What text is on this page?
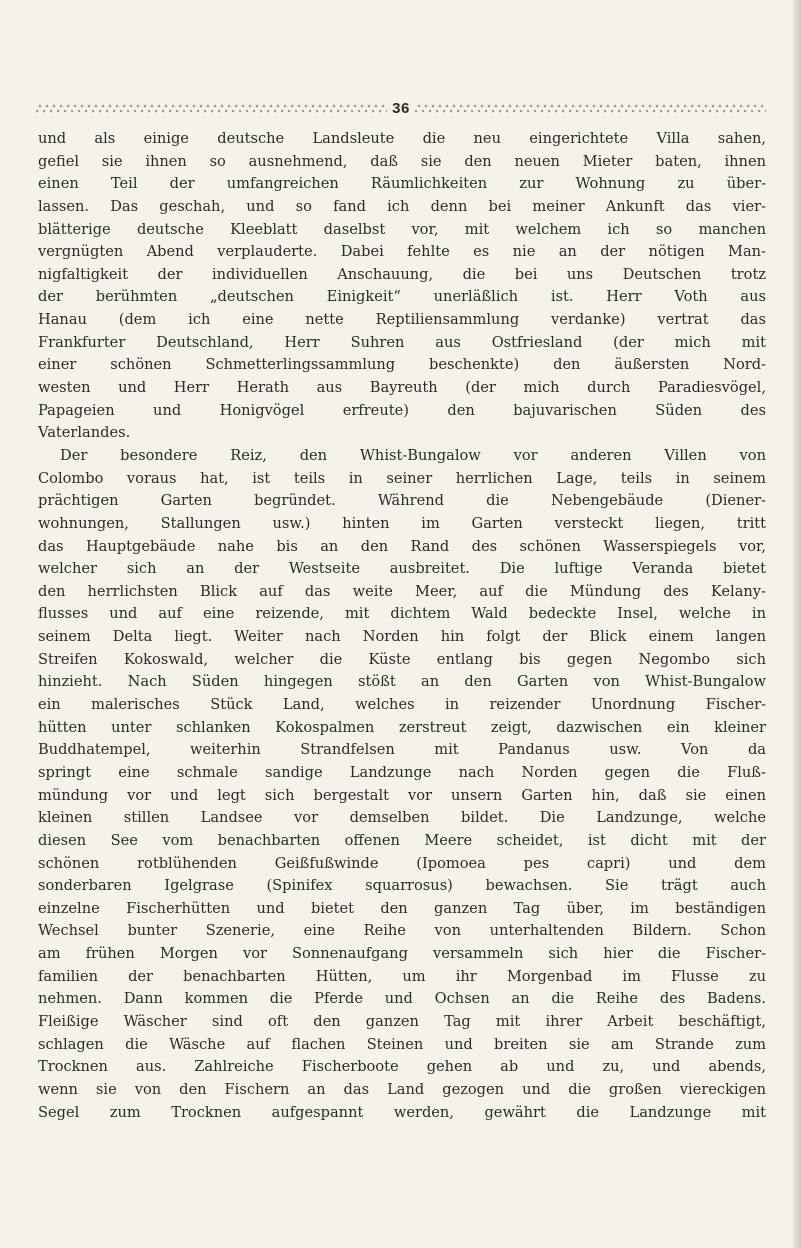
36
und als einige deutsche Landsleute die neu eingerichtete Villa sahen,
gefiel sie ihnen so ausnehmend, daß sie den neuen Mieter baten, ihnen
einen Teil der umfangreichen Räumlichkeiten zur Wohnung zu über-
lassen. Das geschah, und so fand ich denn bei meiner Ankunft das vier-
blätterige deutsche Kleeblatt daselbst vor, mit welchem ich so manchen
vergnügten Abend verplauderte. Dabei fehlte es nie an der nötigen Man-
nigfaltigkeit der individuellen Anschauung, die bei uns Deutschen trotz
der berühmten „deutschen Einigkeit“ unerläßlich ist. Herr Voth aus
Hanau (dem ich eine nette Reptiliensammlung verdanke) vertrat das
Frankfurter Deutschland, Herr Suhren aus Ostfriesland (der mich mit
einer schönen Schmetterlingssammlung beschenkte) den äußersten Nord-
westen und Herr Herath aus Bayreuth (der mich durch Paradiesvögel,
Papageien und Honigvögel erfreute) den bajuvarischen Süden des
Vaterlandes.
Der besondere Reiz, den Whist-Bungalow vor anderen Villen von
Colombo voraus hat, ist teils in seiner herrlichen Lage, teils in seinem
prächtigen Garten begründet. Während die Nebengebäude (Diener-
wohnungen, Stallungen usw.) hinten im Garten versteckt liegen, tritt
das Hauptgebäude nahe bis an den Rand des schönen Wasserspiegels vor,
welcher sich an der Westseite ausbreitet. Die luftige Veranda bietet
den herrlichsten Blick auf das weite Meer, auf die Mündung des Kelany-
flusses und auf eine reizende, mit dichtem Wald bedeckte Insel, welche in
seinem Delta liegt. Weiter nach Norden hin folgt der Blick einem langen
Streifen Kokoswald, welcher die Küste entlang bis gegen Negombo sich
hinzieht. Nach Süden hingegen stößt an den Garten von Whist-Bungalow
ein malerisches Stück Land, welches in reizender Unordnung Fischer-
hütten unter schlanken Kokospalmen zerstreut zeigt, dazwischen ein kleiner
Buddhatempel, weiterhin Strandfelsen mit Pandanus usw. Von da
springt eine schmale sandige Landzunge nach Norden gegen die Fluß-
mündung vor und legt sich bergestalt vor unsern Garten hin, daß sie einen
kleinen stillen Landsee vor demselben bildet. Die Landzunge, welche
diesen See vom benachbarten offenen Meere scheidet, ist dicht mit der
schönen rotblühenden Geißfußwinde (Ipomoea pes capri) und dem
sonderbaren Igelgrase (Spinifex squarrosus) bewachsen. Sie trägt auch
einzelne Fischerhütten und bietet den ganzen Tag über, im beständigen
Wechsel bunter Szenerie, eine Reihe von unterhaltenden Bildern. Schon
am frühen Morgen vor Sonnenaufgang versammeln sich hier die Fischer-
familien der benachbarten Hütten, um ihr Morgenbad im Flusse zu
nehmen. Dann kommen die Pferde und Ochsen an die Reihe des Badens.
Fleißige Wäscher sind oft den ganzen Tag mit ihrer Arbeit beschäftigt,
schlagen die Wäsche auf flachen Steinen und breiten sie am Strande zum
Trocknen aus. Zahlreiche Fischerboote gehen ab und zu, und abends,
wenn sie von den Fischern an das Land gezogen und die großen viereckigen
Segel zum Trocknen aufgespannt werden, gewährt die Landzunge mit
